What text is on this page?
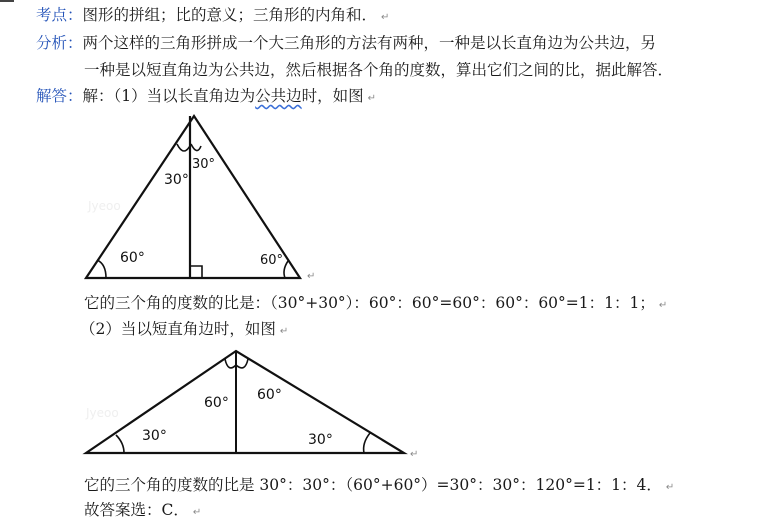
考点：图形的拼组；比的意义；三角形的内角和． ↵
分析：两个这样的三角形拼成一个大三角形的方法有两种，一种是以长直角边为公共边，另
一种是以短直角边为公共边，然后根据各个角的度数，算出它们之间的比，据此解答．
解答：解：（1）当以长直角边为公共边时，如图 ↵
Jyeoo
30°
30°
60°	60°
↵
它的三个角的度数的比是：（30°+30°）：60°：60°=60°：60°：60°=1：1：1； ↵
（2）当以短直角边时，如图 ↵
Jyeoo
60° 60°
30°	30°
↵
它的三个角的度数的比是 30°：30°：（60°+60°）=30°：30°：120°=1：1：4． ↵
故答案选：C． ↵
